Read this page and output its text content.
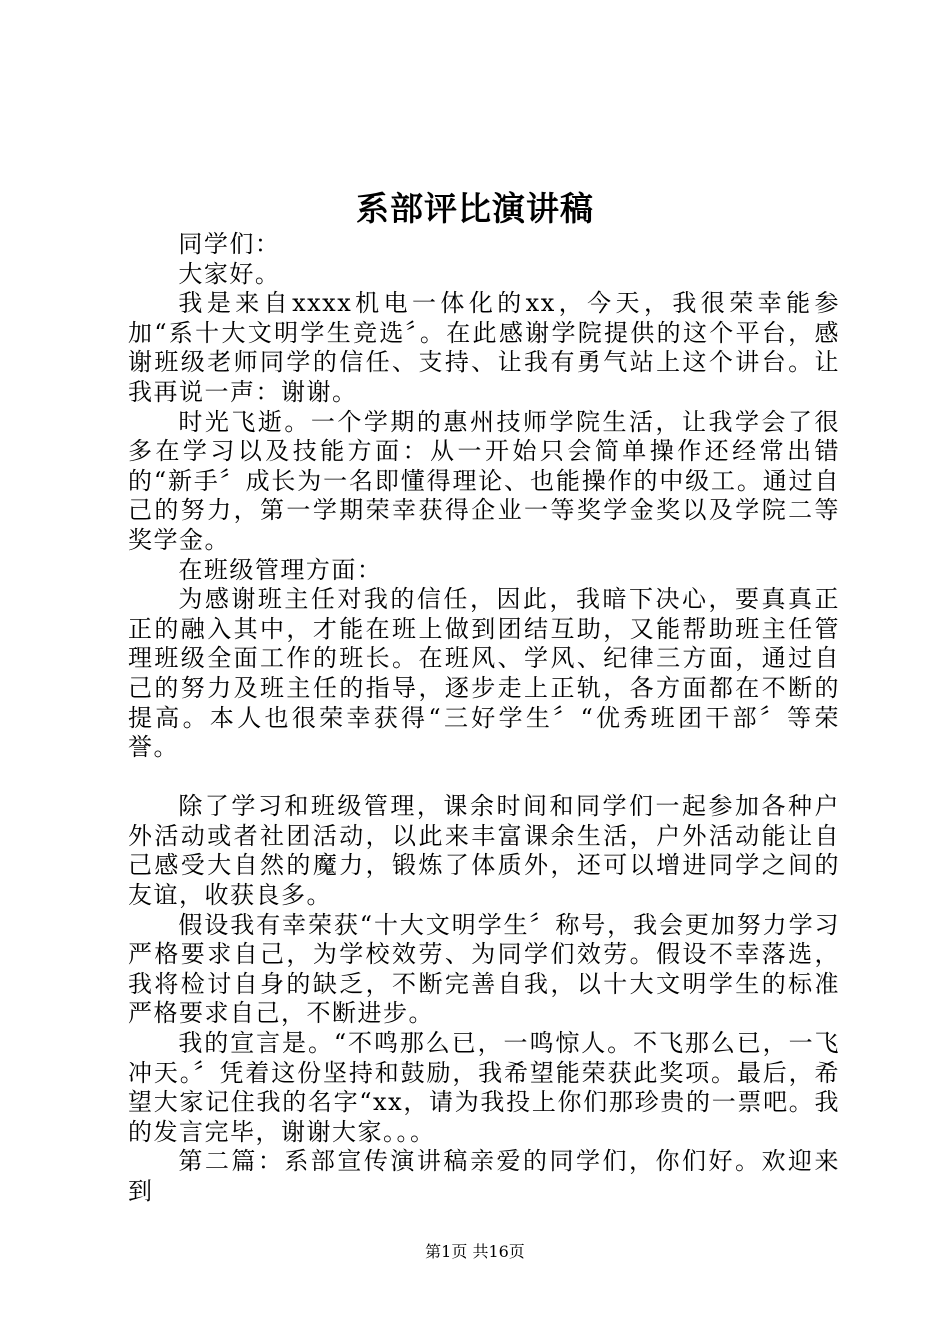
系部评比演讲稿

同学们：

大家好。

我是来自xxxx机电一体化的xx，今天，我很荣幸能参加“系十大文明学生竞选〞。在此感谢学院提供的这个平台，感谢班级老师同学的信任、支持、让我有勇气站上这个讲台。让我再说一声：谢谢。

时光飞逝。一个学期的惠州技师学院生活，让我学会了很多在学习以及技能方面：从一开始只会简单操作还经常出错的“新手〞成长为一名即懂得理论、也能操作的中级工。通过自己的努力，第一学期荣幸获得企业一等奖学金奖以及学院二等奖学金。

在班级管理方面：

为感谢班主任对我的信任，因此，我暗下决心，要真真正正的融入其中，才能在班上做到团结互助，又能帮助班主任管理班级全面工作的班长。在班风、学风、纪律三方面，通过自己的努力及班主任的指导，逐步走上正轨，各方面都在不断的提高。本人也很荣幸获得“三好学生〞“优秀班团干部〞等荣誉。

除了学习和班级管理，课余时间和同学们一起参加各种户外活动或者社团活动，以此来丰富课余生活，户外活动能让自己感受大自然的魔力，锻炼了体质外，还可以增进同学之间的友谊，收获良多。

假设我有幸荣获“十大文明学生〞称号，我会更加努力学习严格要求自己，为学校效劳、为同学们效劳。假设不幸落选，我将检讨自身的缺乏，不断完善自我，以十大文明学生的标准严格要求自己，不断进步。

我的宣言是。“不鸣那么已，一鸣惊人。不飞那么已，一飞冲天。〞凭着这份坚持和鼓励，我希望能荣获此奖项。最后，希望大家记住我的名字“xx，请为我投上你们那珍贵的一票吧。我的发言完毕，谢谢大家。。。

第二篇：系部宣传演讲稿亲爱的同学们，你们好。欢迎来到

第1页 共16页
